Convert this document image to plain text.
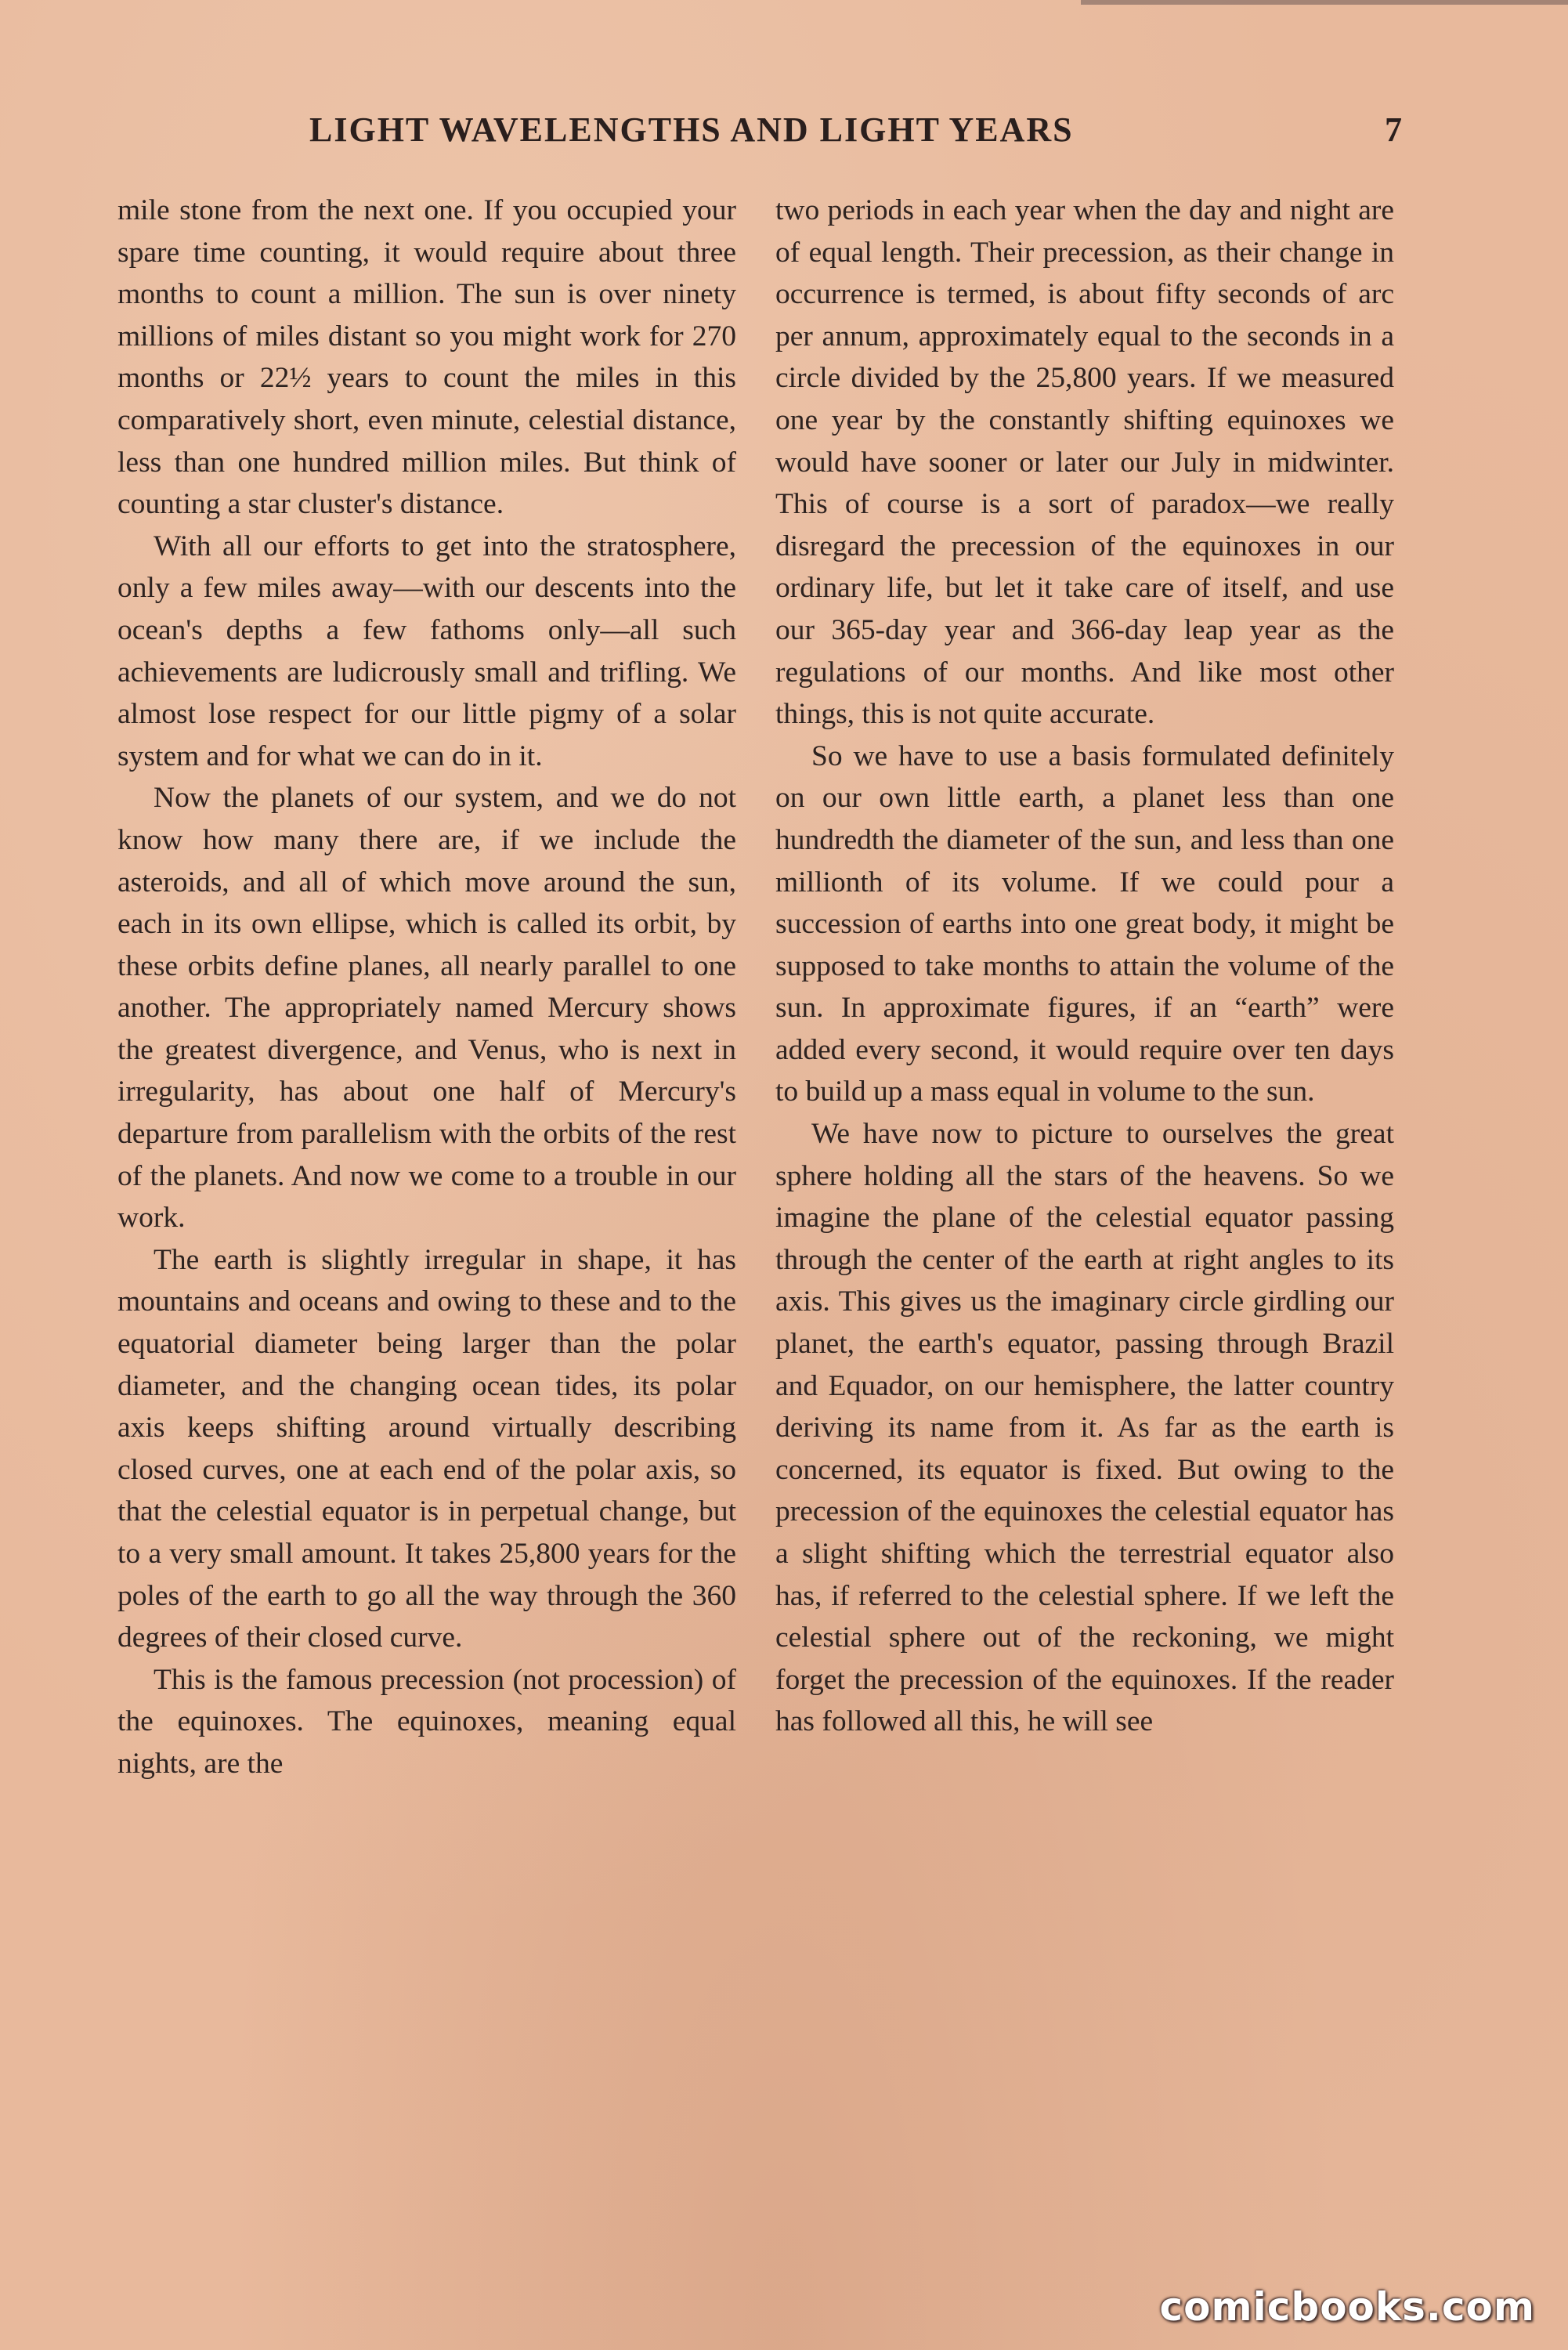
LIGHT WAVELENGTHS AND LIGHT YEARS	7

mile stone from the next one. If you occupied your spare time counting, it would require about three months to count a million. The sun is over ninety millions of miles distant so you might work for 270 months or 22½ years to count the miles in this comparatively short, even minute, celestial distance, less than one hundred million miles. But think of counting a star cluster's distance.

With all our efforts to get into the stratosphere, only a few miles away—with our descents into the ocean's depths a few fathoms only—all such achievements are ludicrously small and trifling. We almost lose respect for our little pigmy of a solar system and for what we can do in it.

Now the planets of our system, and we do not know how many there are, if we include the asteroids, and all of which move around the sun, each in its own ellipse, which is called its orbit, by these orbits define planes, all nearly parallel to one another. The appropriately named Mercury shows the greatest divergence, and Venus, who is next in irregularity, has about one half of Mercury's departure from parallelism with the orbits of the rest of the planets. And now we come to a trouble in our work.

The earth is slightly irregular in shape, it has mountains and oceans and owing to these and to the equatorial diameter being larger than the polar diameter, and the changing ocean tides, its polar axis keeps shifting around virtually describing closed curves, one at each end of the polar axis, so that the celestial equator is in perpetual change, but to a very small amount. It takes 25,800 years for the poles of the earth to go all the way through the 360 degrees of their closed curve.

This is the famous precession (not procession) of the equinoxes. The equinoxes, meaning equal nights, are the

two periods in each year when the day and night are of equal length. Their precession, as their change in occurrence is termed, is about fifty seconds of arc per annum, approximately equal to the seconds in a circle divided by the 25,800 years. If we measured one year by the constantly shifting equinoxes we would have sooner or later our July in midwinter. This of course is a sort of paradox—we really disregard the precession of the equinoxes in our ordinary life, but let it take care of itself, and use our 365-day year and 366-day leap year as the regulations of our months. And like most other things, this is not quite accurate.

So we have to use a basis formulated definitely on our own little earth, a planet less than one hundredth the diameter of the sun, and less than one millionth of its volume. If we could pour a succession of earths into one great body, it might be supposed to take months to attain the volume of the sun. In approximate figures, if an “earth” were added every second, it would require over ten days to build up a mass equal in volume to the sun.

We have now to picture to ourselves the great sphere holding all the stars of the heavens. So we imagine the plane of the celestial equator passing through the center of the earth at right angles to its axis. This gives us the imaginary circle girdling our planet, the earth's equator, passing through Brazil and Equador, on our hemisphere, the latter country deriving its name from it. As far as the earth is concerned, its equator is fixed. But owing to the precession of the equinoxes the celestial equator has a slight shifting which the terrestrial equator also has, if referred to the celestial sphere. If we left the celestial sphere out of the reckoning, we might forget the precession of the equinoxes. If the reader has followed all this, he will see

comicbooks.com
